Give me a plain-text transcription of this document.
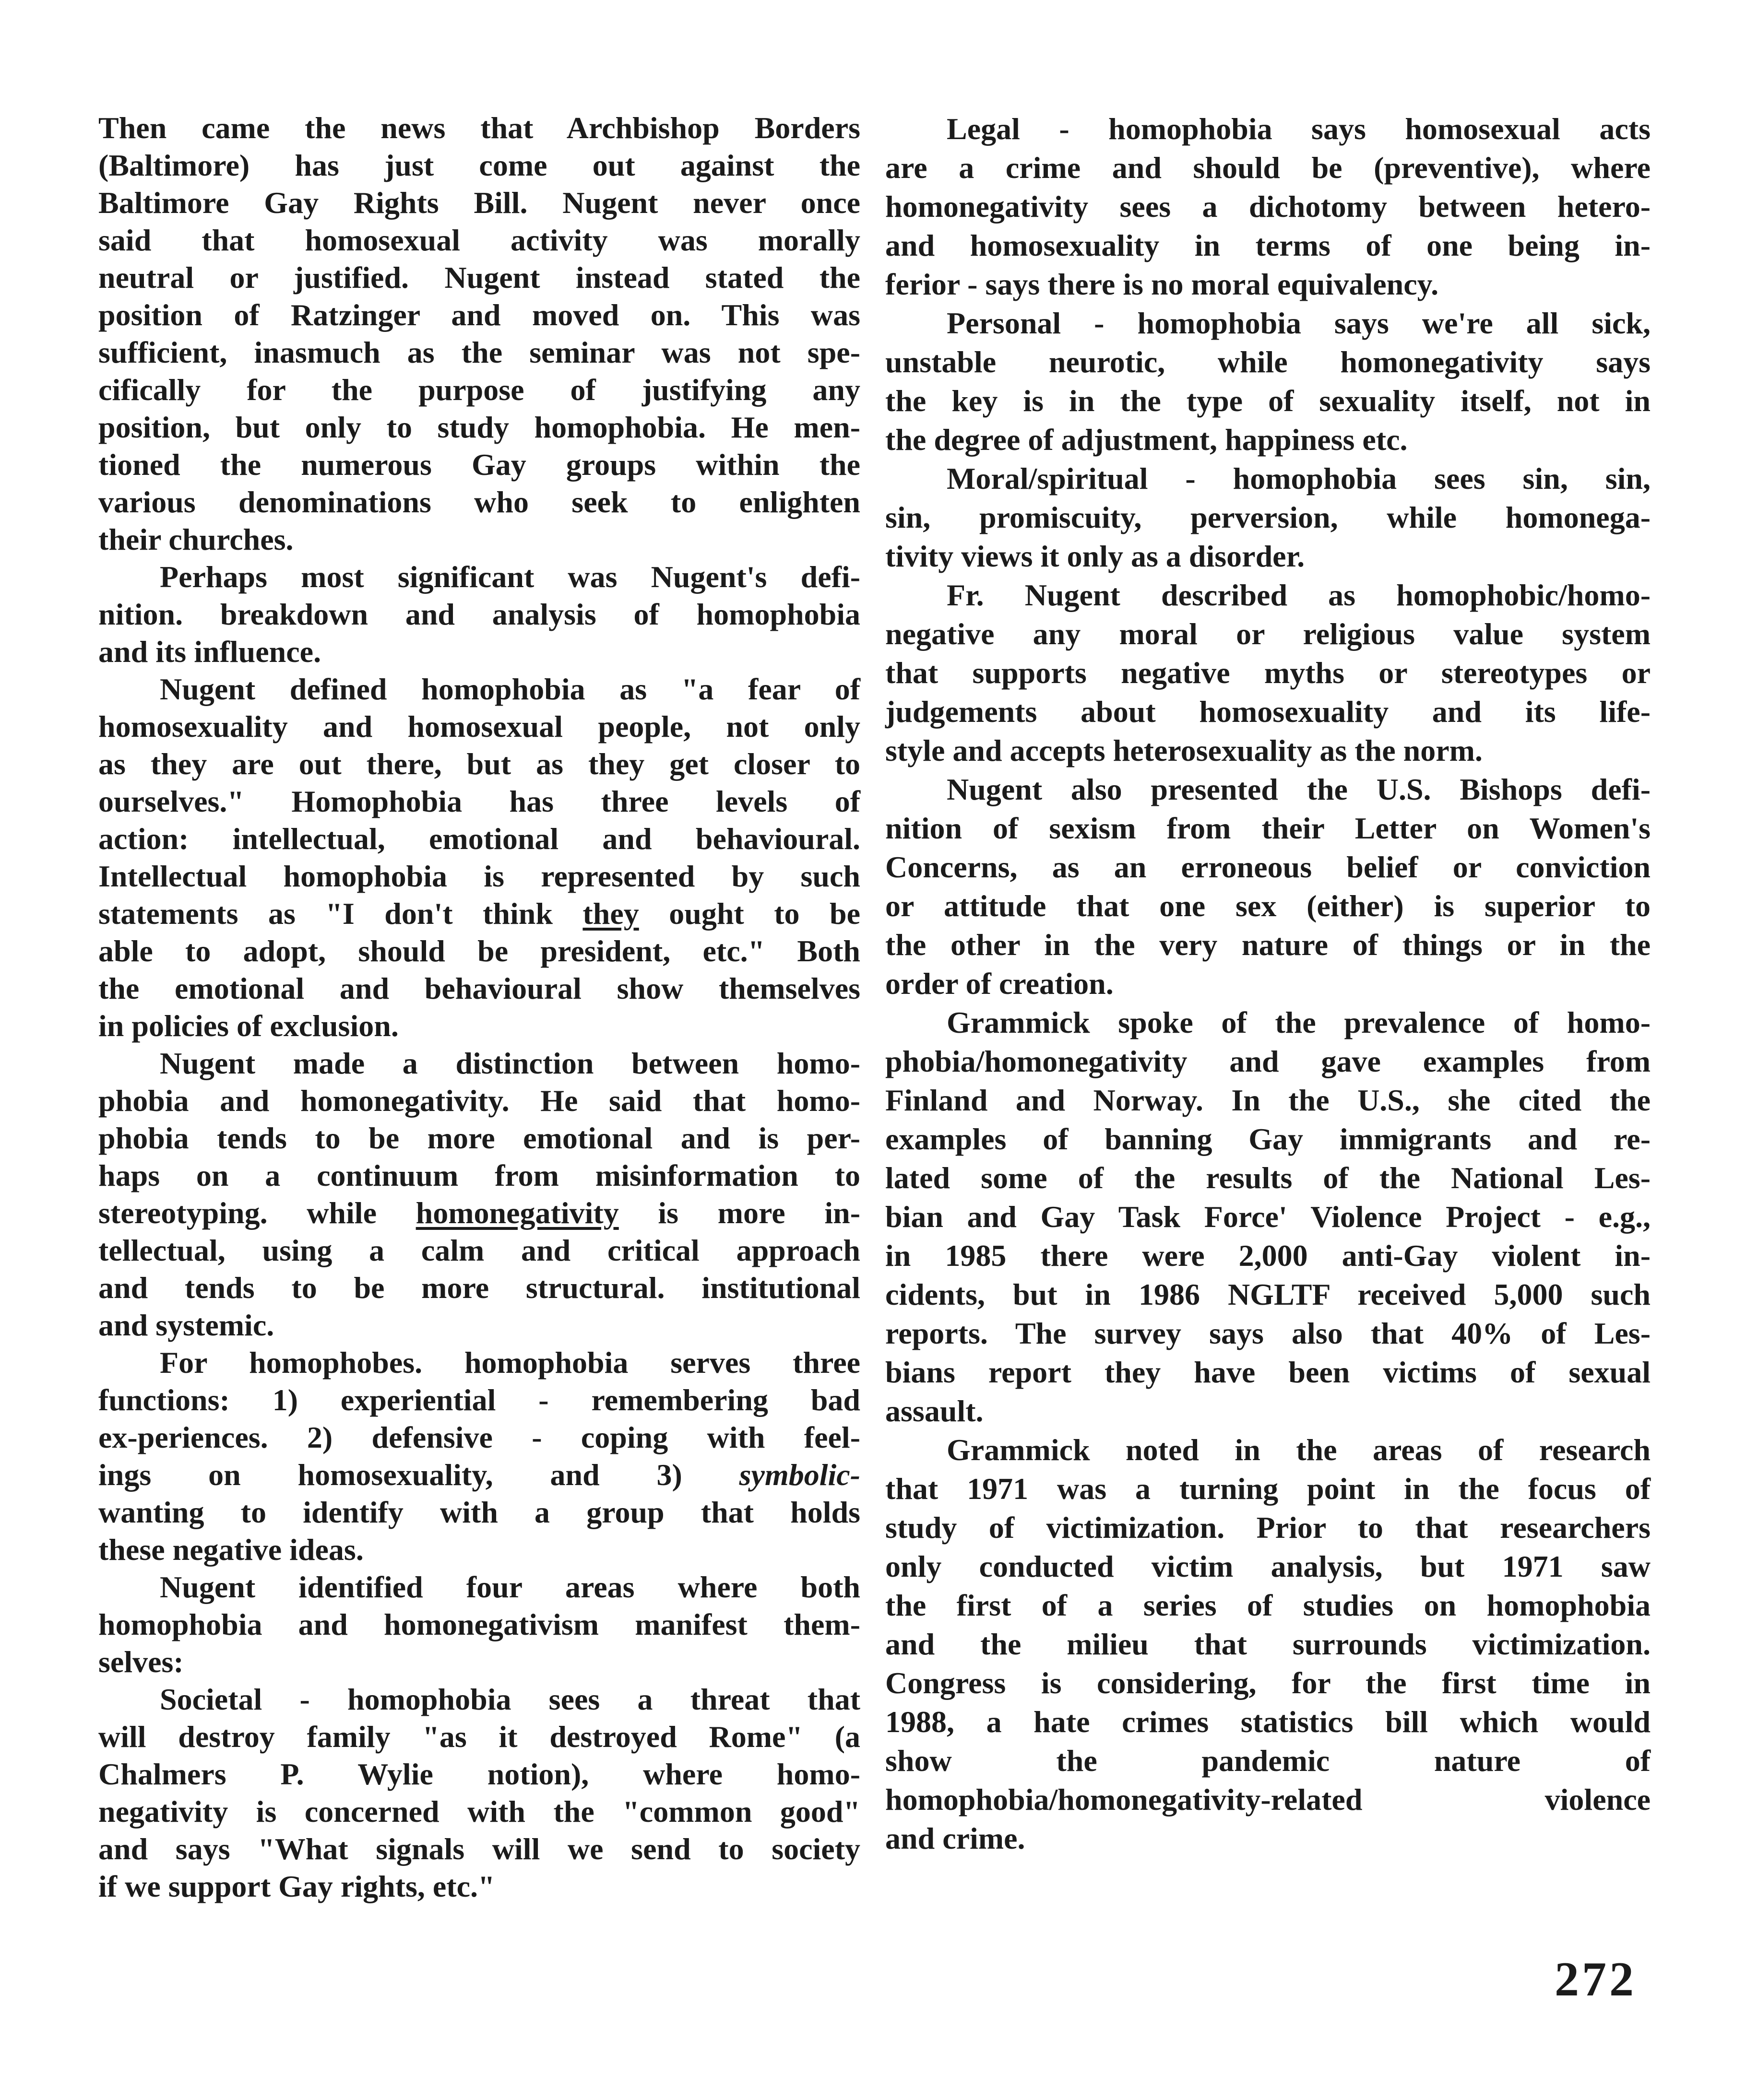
Then came the news that Archbishop Borders
(Baltimore) has just come out against the
Baltimore Gay Rights Bill. Nugent never once
said that homosexual activity was morally
neutral or justified. Nugent instead stated the
position of Ratzinger and moved on. This was
sufficient, inasmuch as the seminar was not spe-
cifically for the purpose of justifying any
position, but only to study homophobia. He men-
tioned the numerous Gay groups within the
various denominations who seek to enlighten
their churches.
Perhaps most significant was Nugent's defi-
nition. breakdown and analysis of homophobia
and its influence.
Nugent defined homophobia as "a fear of
homosexuality and homosexual people, not only
as they are out there, but as they get closer to
ourselves." Homophobia has three levels of
action: intellectual, emotional and behavioural.
Intellectual homophobia is represented by such
statements as "I don't think they ought to be
able to adopt, should be president, etc." Both
the emotional and behavioural show themselves
in policies of exclusion.
Nugent made a distinction between homo-
phobia and homonegativity. He said that homo-
phobia tends to be more emotional and is per-
haps on a continuum from misinformation to
stereotyping. while homonegativity is more in-
tellectual, using a calm and critical approach
and tends to be more structural. institutional
and systemic.
For homophobes. homophobia serves three
functions: 1) experiential - remembering bad
ex-periences. 2) defensive - coping with feel-
ings on homosexuality, and 3) symbolic-
wanting to identify with a group that holds
these negative ideas.
Nugent identified four areas where both
homophobia and homonegativism manifest them-
selves:
Societal - homophobia sees a threat that
will destroy family "as it destroyed Rome" (a
Chalmers P. Wylie notion), where homo-
negativity is concerned with the "common good"
and says "What signals will we send to society
if we support Gay rights, etc."
Legal - homophobia says homosexual acts
are a crime and should be (preventive), where
homonegativity sees a dichotomy between hetero-
and homosexuality in terms of one being in-
ferior - says there is no moral equivalency.
Personal - homophobia says we're all sick,
unstable neurotic, while homonegativity says
the key is in the type of sexuality itself, not in
the degree of adjustment, happiness etc.
Moral/spiritual - homophobia sees sin, sin,
sin, promiscuity, perversion, while homonega-
tivity views it only as a disorder.
Fr. Nugent described as homophobic/homo-
negative any moral or religious value system
that supports negative myths or stereotypes or
judgements about homosexuality and its life-
style and accepts heterosexuality as the norm.
Nugent also presented the U.S. Bishops defi-
nition of sexism from their Letter on Women's
Concerns, as an erroneous belief or conviction
or attitude that one sex (either) is superior to
the other in the very nature of things or in the
order of creation.
Grammick spoke of the prevalence of homo-
phobia/homonegativity and gave examples from
Finland and Norway. In the U.S., she cited the
examples of banning Gay immigrants and re-
lated some of the results of the National Les-
bian and Gay Task Force' Violence Project - e.g.,
in 1985 there were 2,000 anti-Gay violent in-
cidents, but in 1986 NGLTF received 5,000 such
reports. The survey says also that 40% of Les-
bians report they have been victims of sexual
assault.
Grammick noted in the areas of research
that 1971 was a turning point in the focus of
study of victimization. Prior to that researchers
only conducted victim analysis, but 1971 saw
the first of a series of studies on homophobia
and the milieu that surrounds victimization.
Congress is considering, for the first time in
1988, a hate crimes statistics bill which would
show the pandemic nature of
homophobia/homonegativity-related violence
and crime.
272
